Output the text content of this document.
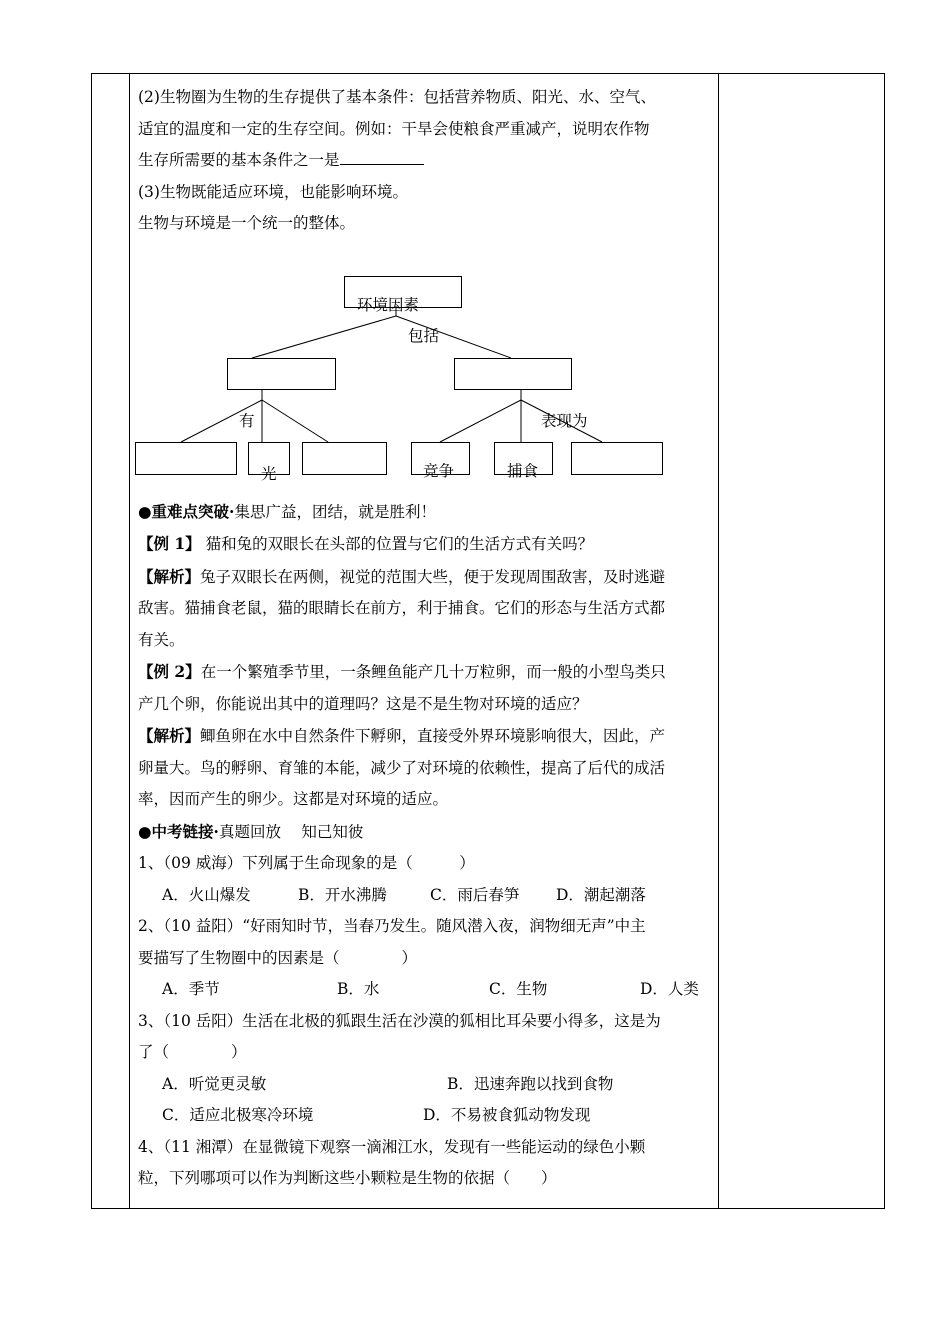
(2)生物圈为生物的生存提供了基本条件：包括营养物质、阳光、水、空气、

适宜的温度和一定的生存空间。例如：干旱会使粮食严重减产，说明农作物

生存所需要的基本条件之一是

(3)生物既能适应环境，也能影响环境。

生物与环境是一个统一的整体。

环境因素
包括
有	表现为
光	竞争	捕食

●重难点突破·集思广益，团结，就是胜利！

【例 1】 猫和兔的双眼长在头部的位置与它们的生活方式有关吗？

【解析】兔子双眼长在两侧，视觉的范围大些，便于发现周围敌害，及时逃避

敌害。猫捕食老鼠，猫的眼睛长在前方，利于捕食。它们的形态与生活方式都

有关。

【例 2】在一个繁殖季节里，一条鲤鱼能产几十万粒卵，而一般的小型鸟类只

产几个卵，你能说出其中的道理吗？这是不是生物对环境的适应？

【解析】鲫鱼卵在水中自然条件下孵卵，直接受外界环境影响很大，因此，产

卵量大。鸟的孵卵、育雏的本能，减少了对环境的依赖性，提高了后代的成活

率，因而产生的卵少。这都是对环境的适应。

●中考链接·真题回放　 知己知彼

1、（09 威海）下列属于生命现象的是（　　　）

A．火山爆发	B．开水沸腾	C．雨后春笋 D．潮起潮落

2、（10 益阳）“好雨知时节，当春乃发生。随风潜入夜，润物细无声”中主

要描写了生物圈中的因素是（　　　　）

A．季节	B．水	C．生物	D．人类

3、（10 岳阳）生活在北极的狐跟生活在沙漠的狐相比耳朵要小得多，这是为

了（　　　　）

A．听觉更灵敏	B．迅速奔跑以找到食物
C．适应北极寒冷环境	D．不易被食狐动物发现

4、（11 湘潭）在显微镜下观察一滴湘江水，发现有一些能运动的绿色小颗

粒，下列哪项可以作为判断这些小颗粒是生物的依据（　　）
